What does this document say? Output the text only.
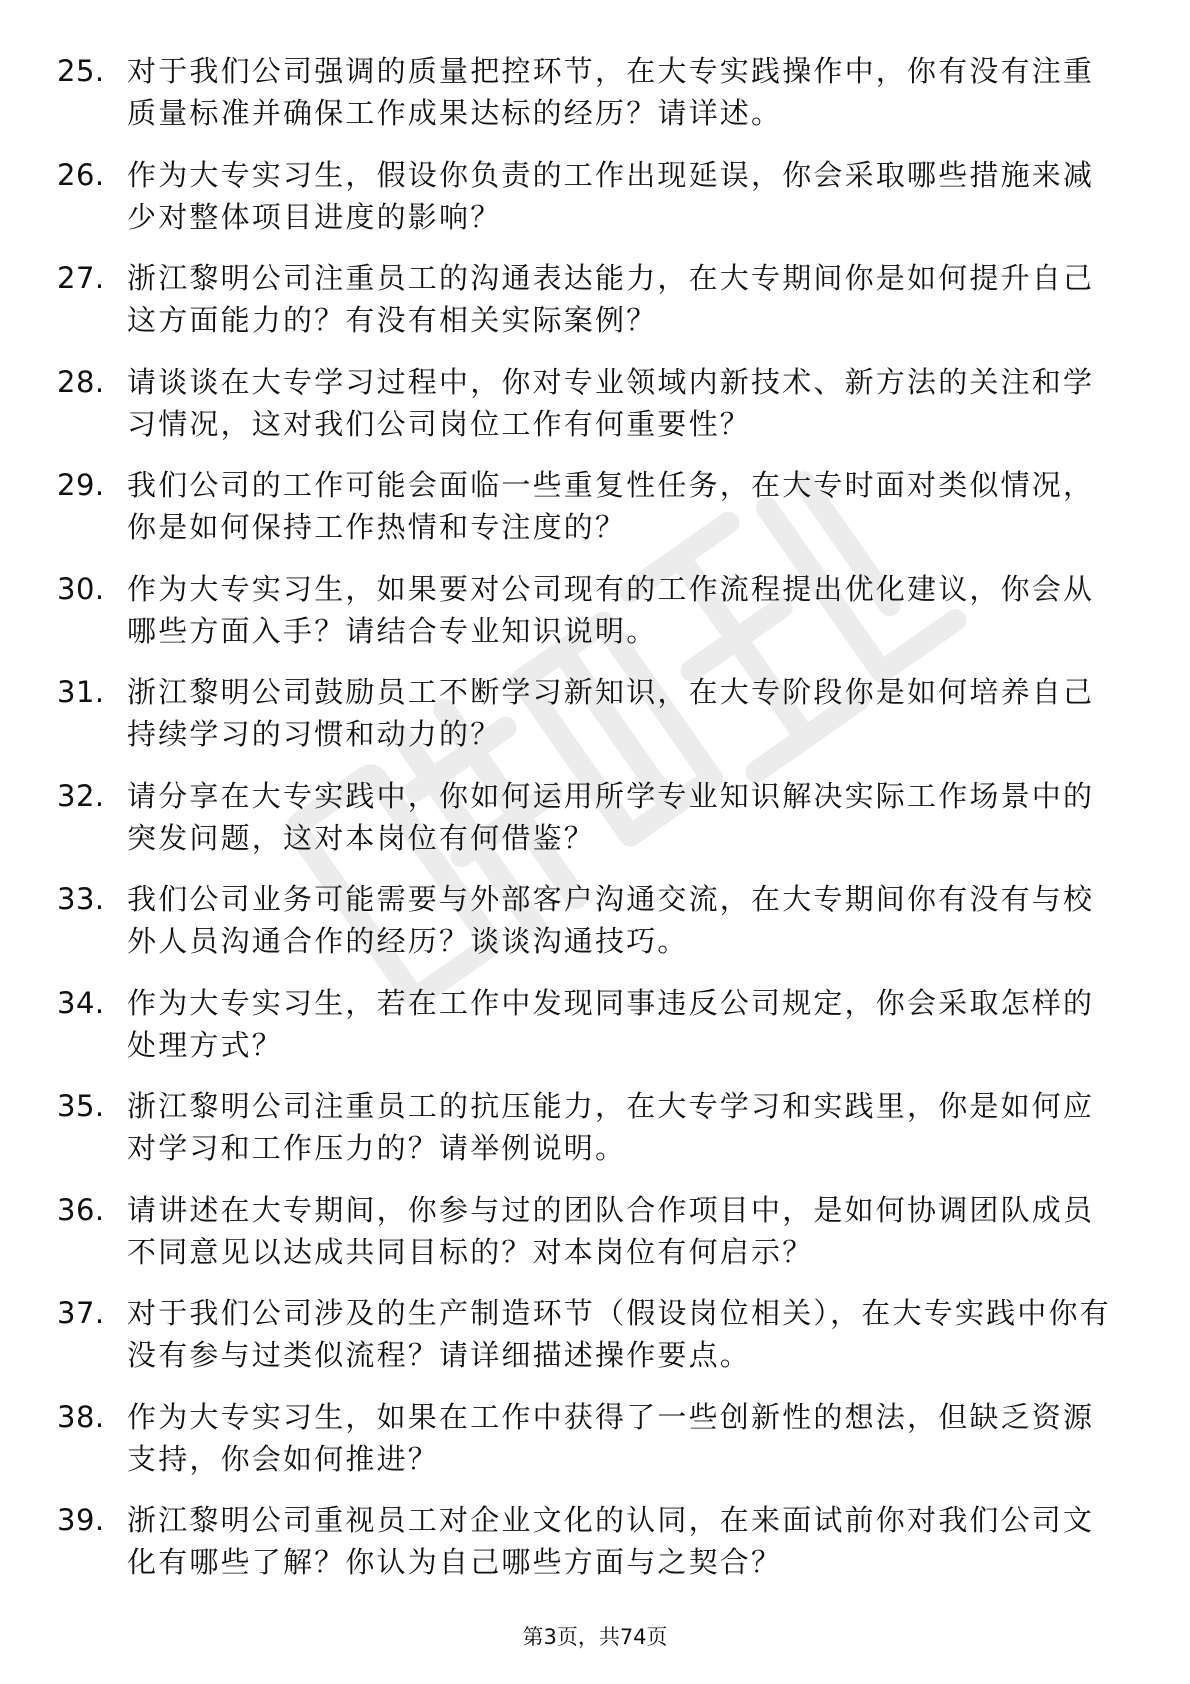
25. 对于我们公司强调的质量把控环节，在大专实践操作中，你有没有注重质量标准并确保工作成果达标的经历？请详述。
26. 作为大专实习生，假设你负责的工作出现延误，你会采取哪些措施来减少对整体项目进度的影响？
27. 浙江黎明公司注重员工的沟通表达能力，在大专期间你是如何提升自己这方面能力的？有没有相关实际案例？
28. 请谈谈在大专学习过程中，你对专业领域内新技术、新方法的关注和学习情况，这对我们公司岗位工作有何重要性？
29. 我们公司的工作可能会面临一些重复性任务，在大专时面对类似情况，你是如何保持工作热情和专注度的？
30. 作为大专实习生，如果要对公司现有的工作流程提出优化建议，你会从哪些方面入手？请结合专业知识说明。
31. 浙江黎明公司鼓励员工不断学习新知识，在大专阶段你是如何培养自己持续学习的习惯和动力的？
32. 请分享在大专实践中，你如何运用所学专业知识解决实际工作场景中的突发问题，这对本岗位有何借鉴？
33. 我们公司业务可能需要与外部客户沟通交流，在大专期间你有没有与校外人员沟通合作的经历？谈谈沟通技巧。
34. 作为大专实习生，若在工作中发现同事违反公司规定，你会采取怎样的处理方式？
35. 浙江黎明公司注重员工的抗压能力，在大专学习和实践里，你是如何应对学习和工作压力的？请举例说明。
36. 请讲述在大专期间，你参与过的团队合作项目中，是如何协调团队成员不同意见以达成共同目标的？对本岗位有何启示？
37. 对于我们公司涉及的生产制造环节（假设岗位相关），在大专实践中你有没有参与过类似流程？请详细描述操作要点。
38. 作为大专实习生，如果在工作中获得了一些创新性的想法，但缺乏资源支持，你会如何推进？
39. 浙江黎明公司重视员工对企业文化的认同，在来面试前你对我们公司文化有哪些了解？你认为自己哪些方面与之契合？
第3页，共74页
